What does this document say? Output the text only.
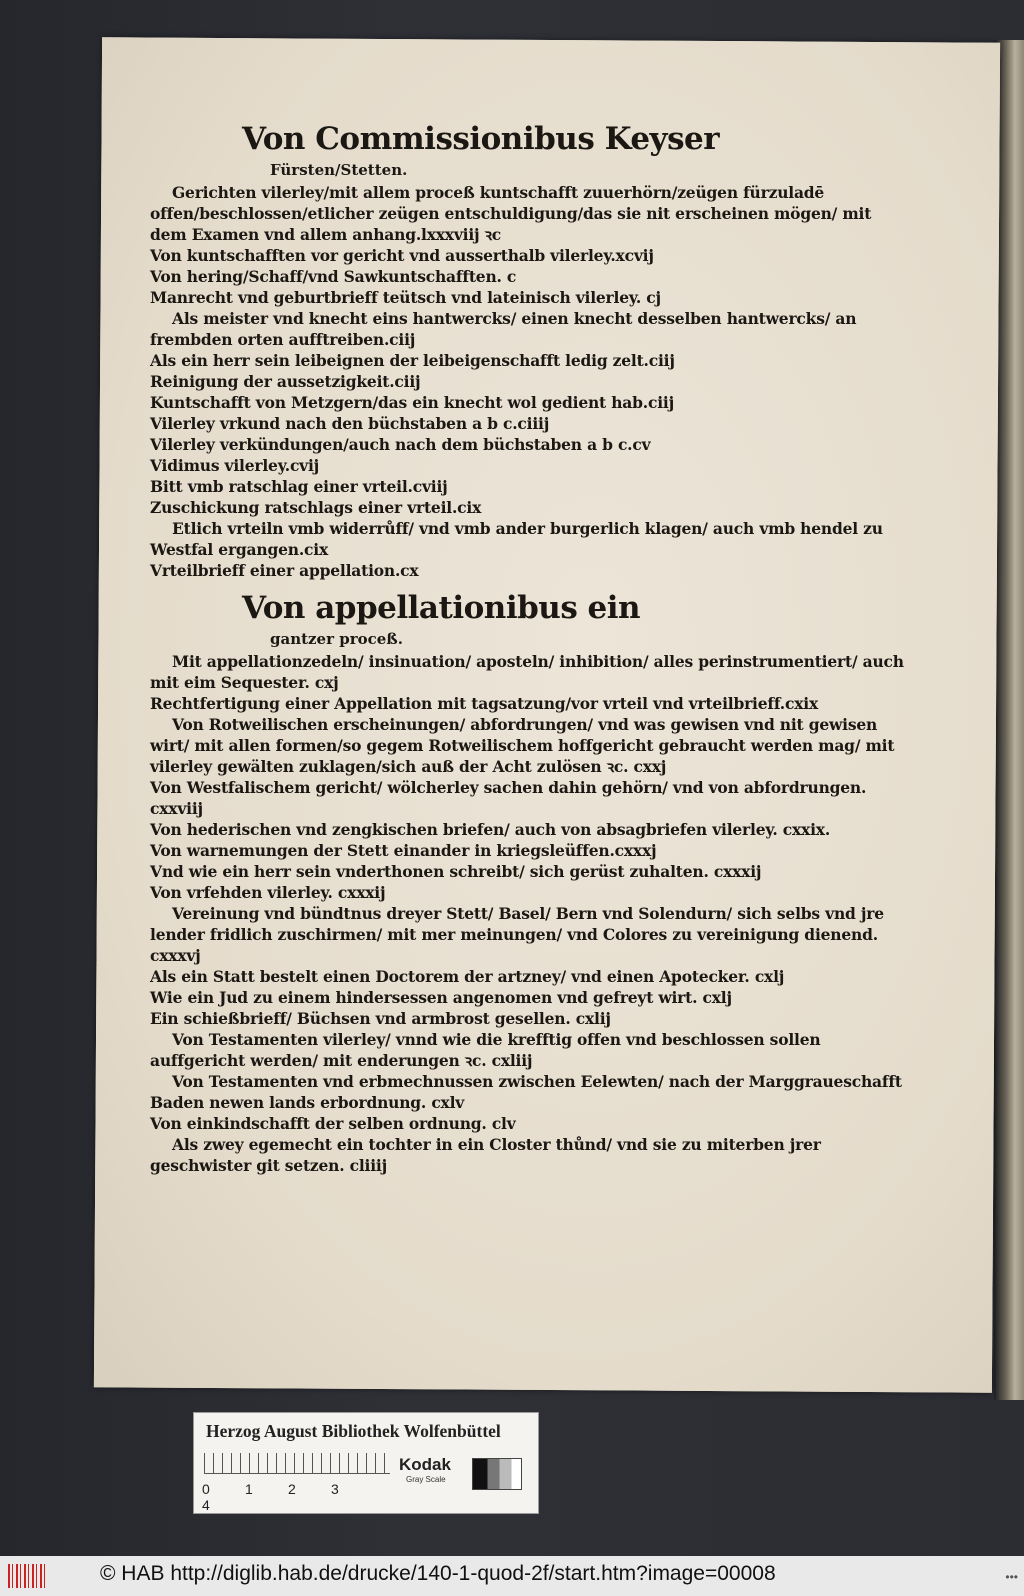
Von Commissionibus Keyser
Fürsten/Stetten.

Gerichten vilerley/mit allem proceß kuntschafft zuuerhörn/zeügen fürzuladē offen/beschlossen/etlicher zeügen entschuldigung/das sie nit erscheinen mögen/ mit dem Examen vnd allem anhang.lxxxviij ꝛc

Von kuntschafften vor gericht vnd ausserthalb vilerley.xcvij

Von hering/Schaff/vnd Sawkuntschafften. c

Manrecht vnd geburtbrieff teütsch vnd lateinisch vilerley. cj

Als meister vnd knecht eins hantwercks/ einen knecht desselben hantwercks/ an frembden orten aufftreiben.ciij

Als ein herr sein leibeignen der leibeigenschafft ledig zelt.ciij

Reinigung der aussetzigkeit.ciij

Kuntschafft von Metzgern/das ein knecht wol gedient hab.ciij

Vilerley vrkund nach den büchstaben a b c.ciiij

Vilerley verkündungen/auch nach dem büchstaben a b c.cv

Vidimus vilerley.cvij

Bitt vmb ratschlag einer vrteil.cviij

Zuschickung ratschlags einer vrteil.cix

Etlich vrteiln vmb widerrůff/ vnd vmb ander burgerlich klagen/ auch vmb hendel zu Westfal ergangen.cix

Vrteilbrieff einer appellation.cx

Von appellationibus ein
gantzer proceß.

Mit appellationzedeln/ insinuation/ aposteln/ inhibition/ alles perinstrumentiert/ auch mit eim Sequester. cxj

Rechtfertigung einer Appellation mit tagsatzung/vor vrteil vnd vrteilbrieff.cxix

Von Rotweilischen erscheinungen/ abfordrungen/ vnd was gewisen vnd nit gewisen wirt/ mit allen formen/so gegem Rotweilischem hoffgericht gebraucht werden mag/ mit vilerley gewälten zuklagen/sich auß der Acht zulösen ꝛc. cxxj

Von Westfalischem gericht/ wölcherley sachen dahin gehörn/ vnd von abfordrungen. cxxviij

Von hederischen vnd zengkischen briefen/ auch von absagbriefen vilerley. cxxix.

Von warnemungen der Stett einander in kriegsleüffen.cxxxj

Vnd wie ein herr sein vnderthonen schreibt/ sich gerüst zuhalten. cxxxij

Von vrfehden vilerley. cxxxij

Vereinung vnd bündtnus dreyer Stett/ Basel/ Bern vnd Solendurn/ sich selbs vnd jre lender fridlich zuschirmen/ mit mer meinungen/ vnd Colores zu vereinigung dienend. cxxxvj

Als ein Statt bestelt einen Doctorem der artzney/ vnd einen Apotecker. cxlj

Wie ein Jud zu einem hindersessen angenomen vnd gefreyt wirt. cxlj

Ein schießbrieff/ Büchsen vnd armbrost gesellen. cxlij

Von Testamenten vilerley/ vnnd wie die krefftig offen vnd beschlossen sollen auffgericht werden/ mit enderungen ꝛc. cxliij

Von Testamenten vnd erbmechnussen zwischen Eelewten/ nach der Marggraueschafft Baden newen lands erbordnung. cxlv

Von einkindschafft der selben ordnung. clv

Als zwey egemecht ein tochter in ein Closter thůnd/ vnd sie zu miterben jrer geschwister git setzen. cliiij

Herzog August Bibliothek Wolfenbüttel
0	1	2	34
Kodak
Gray Scale
© HAB http://diglib.hab.de/drucke/140-1-quod-2f/start.htm?image=00008	•••
